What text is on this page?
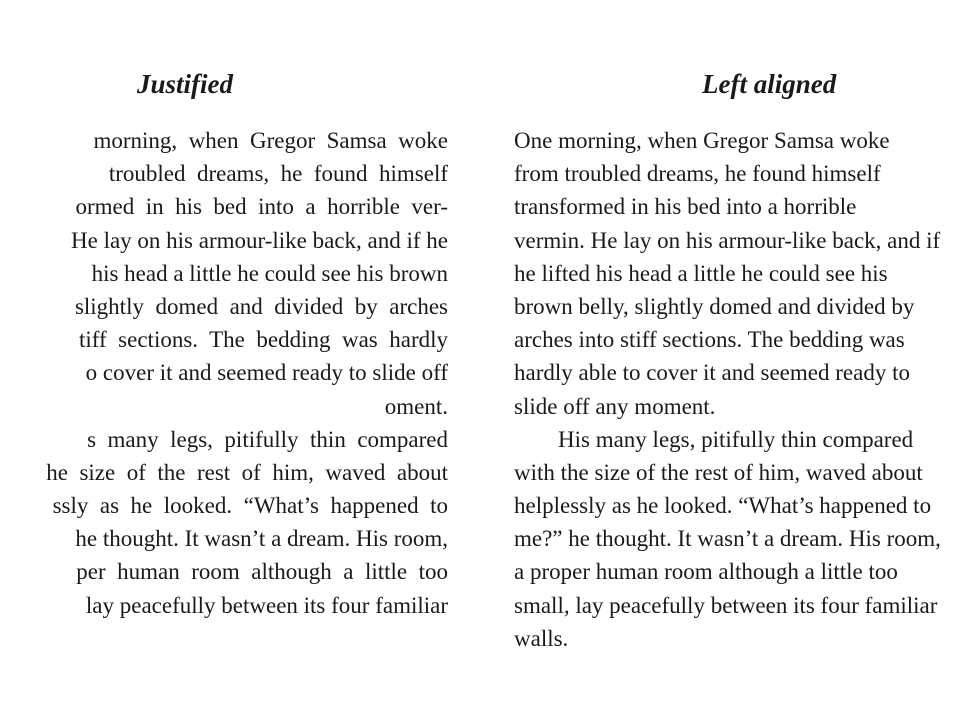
Justified
morning,  when  Gregor  Samsa  woke
troubled  dreams,  he  found  himself
ormed  in  his  bed  into  a  horrible  ver-
He lay on his armour-like back, and if he
his head a little he could see his brown
slightly  domed  and  divided  by  arches
tiff  sections.  The  bedding  was  hardly
o cover it and seemed ready to slide off
oment.
s  many  legs,  pitifully  thin  compared
he  size  of  the  rest  of  him,  waved  about
ssly  as  he  looked.  “What’s  happened  to
he thought. It wasn’t a dream. His room,
per  human  room  although  a  little  too
lay peacefully between its four familiar
Left aligned
One morning, when Gregor Samsa woke
from troubled dreams, he found himself
transformed in his bed into a horrible
vermin. He lay on his armour-like back, and if
he lifted his head a little he could see his
brown belly, slightly domed and divided by
arches into stiff sections. The bedding was
hardly able to cover it and seemed ready to
slide off any moment.
His many legs, pitifully thin compared
with the size of the rest of him, waved about
helplessly as he looked. “What’s happened to
me?” he thought. It wasn’t a dream. His room,
a proper human room although a little too
small, lay peacefully between its four familiar
walls.
